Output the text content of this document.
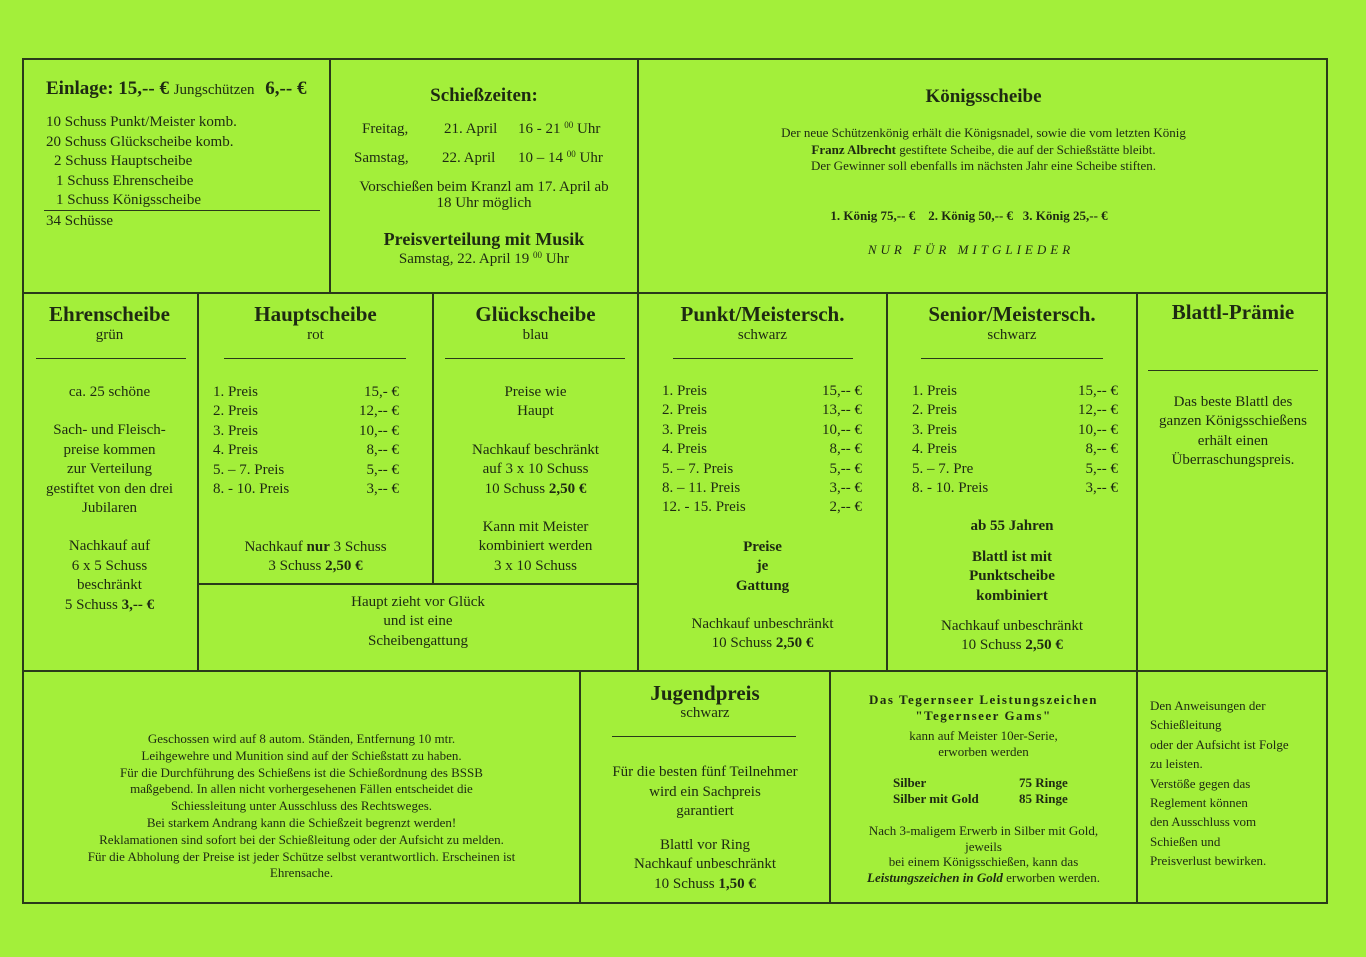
Einlage: 15,-- € Jungschützen 6,-- €
10 Schuss Punkt/Meister komb.
20 Schuss Glückscheibe komb.
2 Schuss Hauptscheibe
1 Schuss Ehrenscheibe
1 Schuss Königsscheibe
34 Schüsse
Schießzeiten:
Freitag, 21. April 16 - 21 $^{00}$ Uhr
Samstag, 22. April 10 – 14 $^{00}$ Uhr
Vorschießen beim Kranzl am 17. April ab
18 Uhr möglich
Preisverteilung mit Musik
Samstag, 22. April 19 $^{00}$ Uhr
Königsscheibe
Der neue Schützenkönig erhält die Königsnadel, sowie die vom letzten König
Franz Albrecht gestiftete Scheibe, die auf der Schießstätte bleibt.
Der Gewinner soll ebenfalls im nächsten Jahr eine Scheibe stiften.
1. König 75,-- €    2. König 50,-- €   3. König 25,-- €
NUR FÜR MITGLIEDER
Ehrenscheibe
grün
ca. 25 schöne
Sach- und Fleisch-
preise kommen
zur Verteilung
gestiftet von den drei
Jubilaren
Nachkauf auf
6 x 5 Schuss
beschränkt
5 Schuss 3,-- €
Hauptscheibe
rot
1. Preis	15,- €
2. Preis	12,-- €
3. Preis	10,-- €
4. Preis	8,-- €
5. – 7. Preis	5,-- €
8. - 10. Preis	3,-- €
Nachkauf nur 3 Schuss
3 Schuss 2,50 €
Glückscheibe
blau
Preise wie
Haupt
Nachkauf beschränkt
auf 3 x 10 Schuss
10 Schuss 2,50 €
Kann mit Meister
kombiniert werden
3 x 10 Schuss
Haupt zieht vor Glück
und ist eine
Scheibengattung
Punkt/Meistersch.
schwarz
1. Preis	15,-- €
2. Preis	13,-- €
3. Preis	10,-- €
4. Preis	8,-- €
5. – 7. Preis	5,-- €
8. – 11. Preis	3,-- €
12. - 15. Preis	2,-- €
Preise
je
Gattung
Nachkauf unbeschränkt
10 Schuss 2,50 €
Senior/Meistersch.
schwarz
1. Preis	15,-- €
2. Preis	12,-- €
3. Preis	10,-- €
4. Preis	8,-- €
5. – 7. Pre	5,-- €
8. - 10. Preis	3,-- €
ab 55 Jahren
Blattl ist mit
Punktscheibe
kombiniert
Nachkauf unbeschränkt
10 Schuss 2,50 €
Blattl-Prämie
Das beste Blattl des
ganzen Königsschießens
erhält einen
Überraschungspreis.
Geschossen wird auf 8 autom. Ständen, Entfernung 10 mtr.
Leihgewehre und Munition sind auf der Schießstatt zu haben.
Für die Durchführung des Schießens ist die Schießordnung des BSSB
maßgebend. In allen nicht vorhergesehenen Fällen entscheidet die
Schiessleitung unter Ausschluss des Rechtsweges.
Bei starkem Andrang kann die Schießzeit begrenzt werden!
Reklamationen sind sofort bei der Schießleitung oder der Aufsicht zu melden.
Für die Abholung der Preise ist jeder Schütze selbst verantwortlich. Erscheinen ist
Ehrensache.
Jugendpreis
schwarz
Für die besten fünf Teilnehmer
wird ein Sachpreis
garantiert
Blattl vor Ring
Nachkauf unbeschränkt
10 Schuss 1,50 €
Das Tegernseer Leistungszeichen
"Tegernseer Gams"
kann auf Meister 10er-Serie,
erworben werden
Silber	75 Ringe
Silber mit Gold	85 Ringe
Nach 3-maligem Erwerb in Silber mit Gold,
jeweils
bei einem Königsschießen, kann das
Leistungszeichen in Gold erworben werden.
Den Anweisungen der
Schießleitung
oder der Aufsicht ist Folge
zu leisten.
Verstöße gegen das
Reglement können
den Ausschluss vom
Schießen und
Preisverlust bewirken.
